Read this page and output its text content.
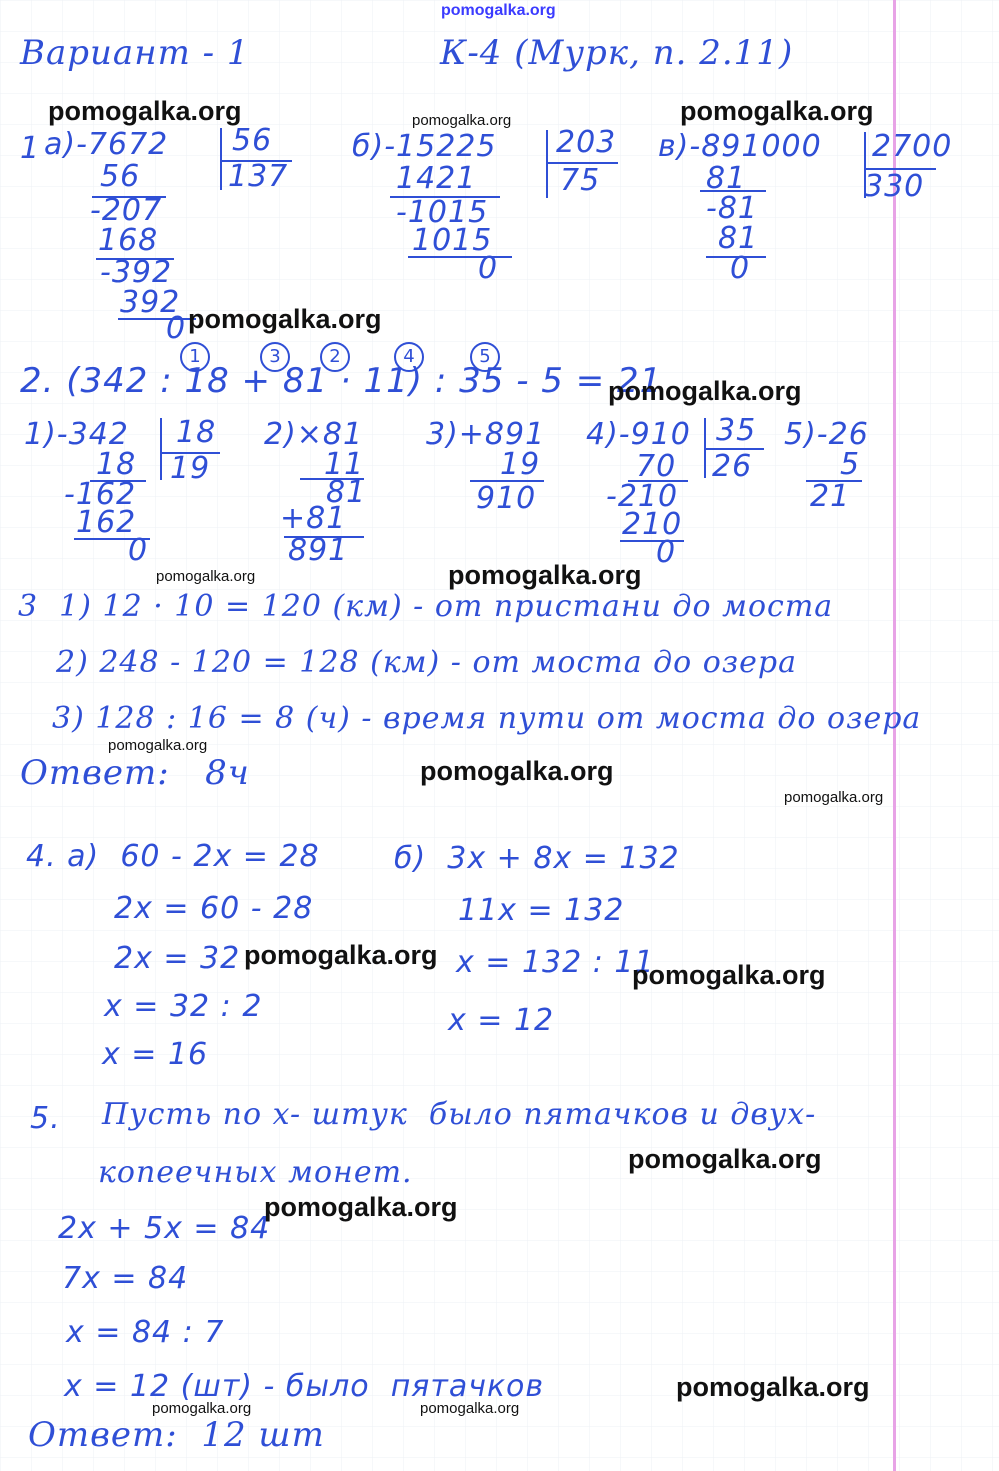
pomogalka.org
Вариант - 1	К-4 (Мурк, п. 2.11)
1 а)-7672 56
137
56
-207
168
-392
392
0
б)-15225 203
1421	75
-1015
1015
0
в)-891000 2700
81	330
-81
81
0
1	3	2	4	5
2. (342 : 18 + 81 · 11) : 35 - 5 = 21
1)-342 18
18 19
-162
162
0
2)×81
11
81
+81
891
3)+891
19
910
4)-910 35
70 26
-210
210
0
5)-26
5
21
3  1) 12 · 10 = 120 (км) - от пристани до моста
2) 248 - 120 = 128 (км) - от моста до озера
3) 128 : 16 = 8 (ч) - время пути от моста до озера
Ответ:   8ч
4. а)  60 - 2x = 28
2x = 60 - 28
2x = 32
x = 32 : 2
x = 16
б)  3x + 8x = 132
11x = 132
x = 132 : 11
x = 12
5. Пусть по x- штук  было пятачков и двух-
копеечных монет.
2x + 5x = 84
7x = 84
x = 84 : 7
x = 12 (шт) - было  пятачков
Ответ:  12 шт
pomogalka.org	pomogalka.org	pomogalka.org
pomogalka.org
pomogalka.org
pomogalka.org	pomogalka.org
pomogalka.org
pomogalka.org
pomogalka.org
pomogalka.org
pomogalka.org
pomogalka.org
pomogalka.org
pomogalka.org
pomogalka.org	pomogalka.org
